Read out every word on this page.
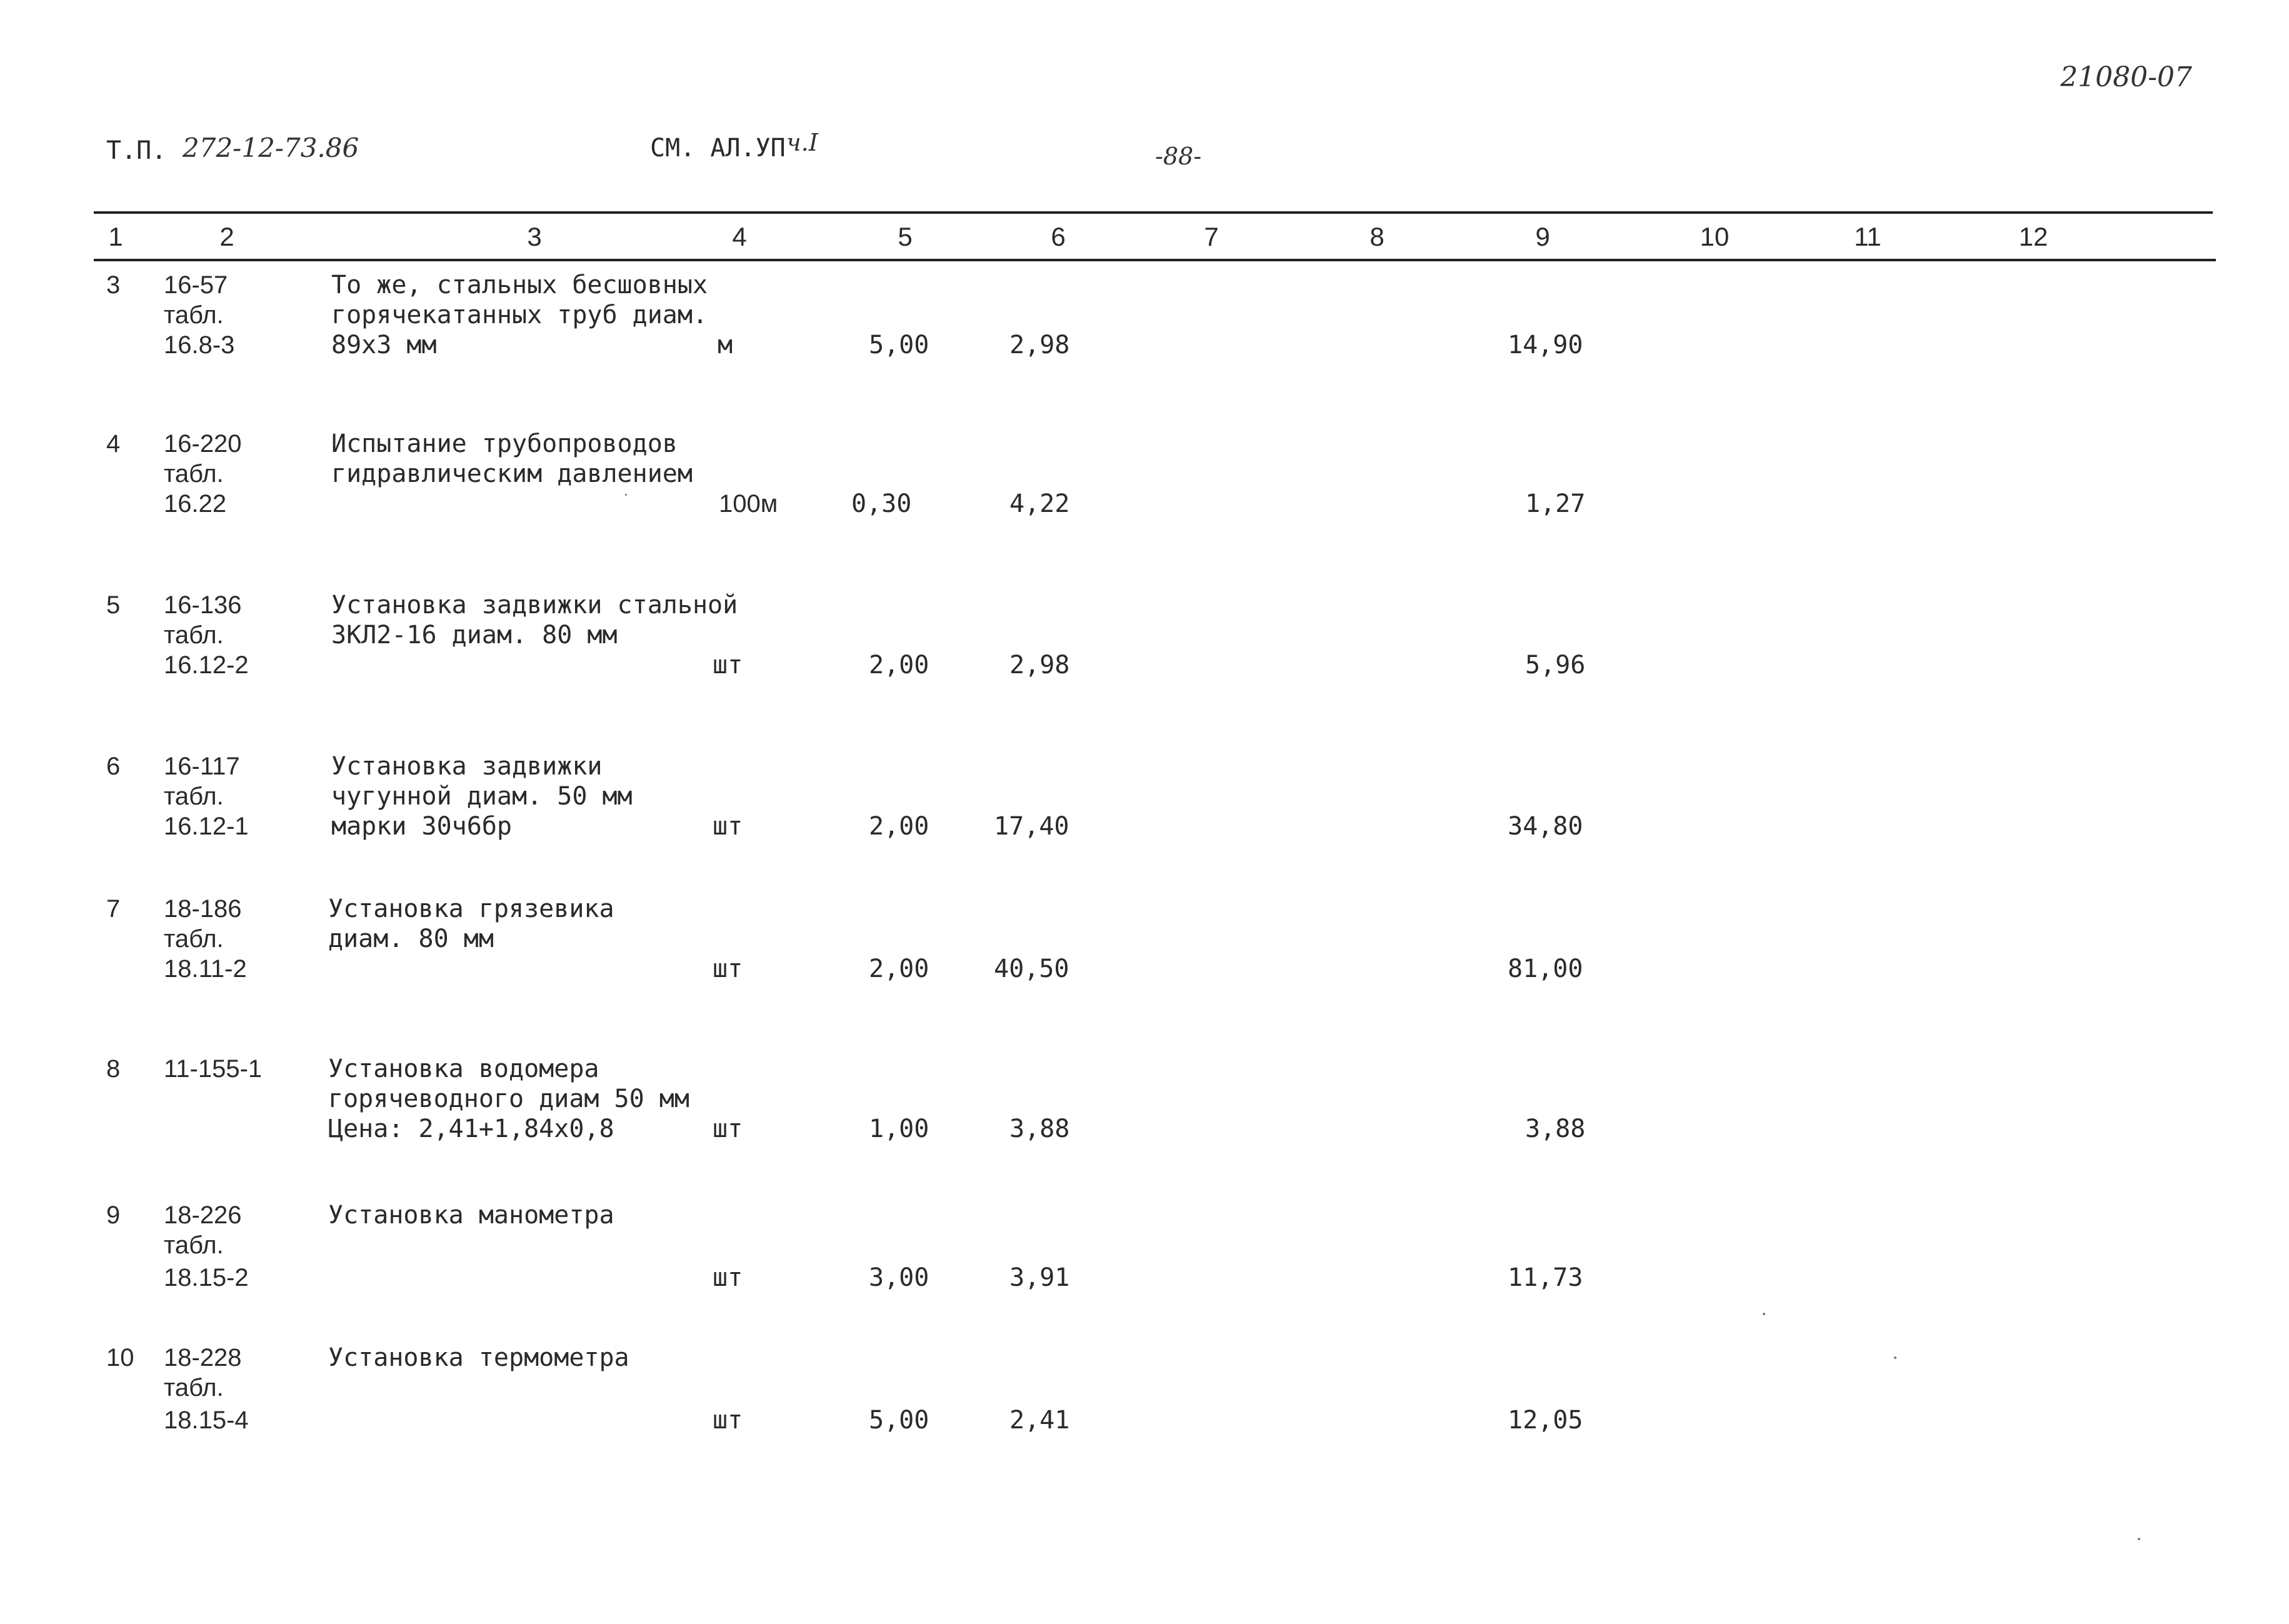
21080-07
Т.П. 272-12-73.86	СМ. АЛ.УП ч.I	-88-
1	2	3	4	5	6	7	8	9	10	11	12
3 16-57
табл.
16.8-3
То же, стальных бесшовных
горячекатанных труб диам.
89х3 мм	м	5,00	2,98	14,90
4 16-220
табл.
16.22
Испытание трубопроводов
гидравлическим давлением
100м	0,30	4,22	1,27
5 16-136
табл.
16.12-2
Установка задвижки стальной
ЗКЛ2-16 диам. 80 мм
шт	2,00	2,98	5,96
6 16-117
табл.
16.12-1
Установка задвижки
чугунной диам. 50 мм
марки 30ч6бр	шт	2,00	17,40	34,80
7 18-186
табл.
18.11-2
Установка грязевика
диам. 80 мм
шт	2,00	40,50	81,00
8 11-155-1	Установка водомера
горячеводного диам 50 мм
Цена: 2,41+1,84х0,8	шт	1,00	3,88	3,88
9 18-226
табл.
18.15-2
Установка манометра
шт	3,00	3,91	11,73
10 18-228
табл.
18.15-4
Установка термометра
шт	5,00	2,41	12,05
